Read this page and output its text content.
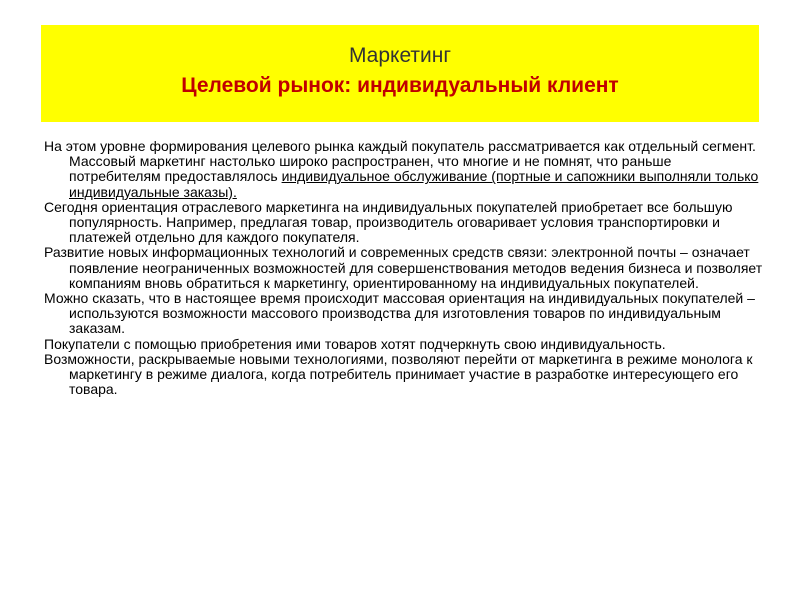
Маркетинг
Целевой рынок: индивидуальный клиент

На этом уровне формирования целевого рынка каждый покупатель рассматривается как отдельный сегмент. Массовый маркетинг настолько широко распространен, что многие и не помнят, что раньше потребителям предоставлялось индивидуальное обслуживание (портные и сапожники выполняли только индивидуальные заказы).

Сегодня ориентация отраслевого маркетинга на индивидуальных покупателей приобретает все большую популярность. Например, предлагая товар, производитель оговаривает условия транспортировки и платежей отдельно для каждого покупателя.

Развитие новых информационных технологий и современных средств связи: электронной почты – означает появление неограниченных возможностей для совершенствования методов ведения бизнеса и позволяет компаниям вновь обратиться к маркетингу, ориентированному на индивидуальных покупателей.

Можно сказать, что в настоящее время происходит массовая ориентация на индивидуальных покупателей – используются возможности массового производства для изготовления товаров по индивидуальным заказам.

Покупатели с помощью приобретения ими товаров хотят подчеркнуть свою индивидуальность.

Возможности, раскрываемые новыми технологиями, позволяют перейти от маркетинга в режиме монолога к маркетингу в режиме диалога, когда потребитель принимает участие в разработке интересующего его товара.
